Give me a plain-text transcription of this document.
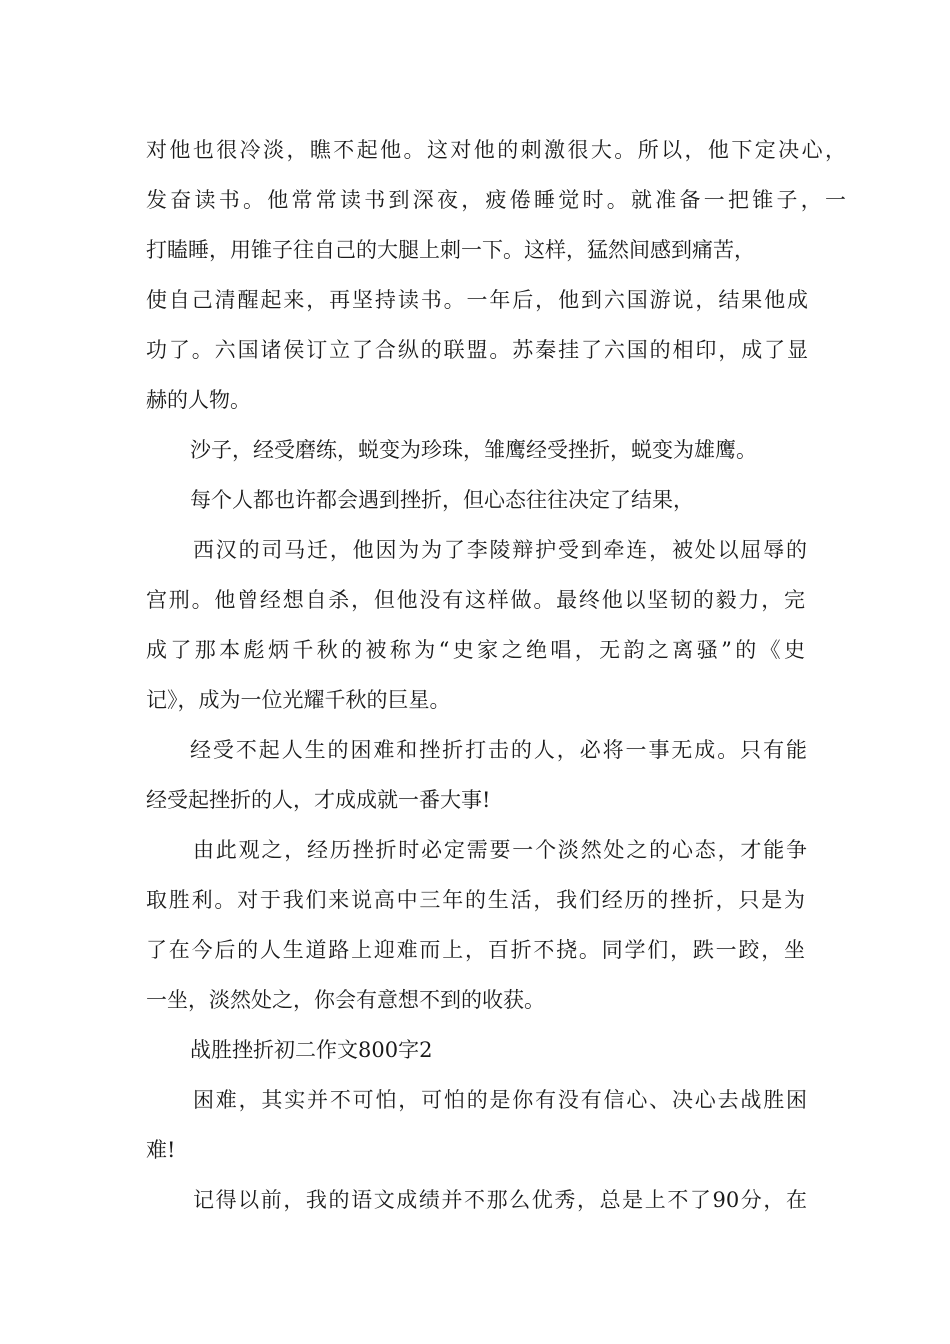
对他也很冷淡，瞧不起他。这对他的刺激很大。所以，他下定决心，

发奋读书。他常常读书到深夜，疲倦睡觉时。就准备一把锥子，一

打瞌睡，用锥子往自己的大腿上刺一下。这样，猛然间感到痛苦，

使自己清醒起来，再坚持读书。一年后，他到六国游说，结果他成

功了。六国诸侯订立了合纵的联盟。苏秦挂了六国的相印，成了显

赫的人物。

沙子，经受磨练，蜕变为珍珠，雏鹰经受挫折，蜕变为雄鹰。

每个人都也许都会遇到挫折，但心态往往决定了结果，

西汉的司马迁，他因为为了李陵辩护受到牵连，被处以屈辱的

宫刑。他曾经想自杀，但他没有这样做。最终他以坚韧的毅力，完

成了那本彪炳千秋的被称为“史家之绝唱，无韵之离骚”的《史

记》，成为一位光耀千秋的巨星。

经受不起人生的困难和挫折打击的人，必将一事无成。只有能

经受起挫折的人，才成成就一番大事!

由此观之，经历挫折时必定需要一个淡然处之的心态，才能争

取胜利。对于我们来说高中三年的生活，我们经历的挫折，只是为

了在今后的人生道路上迎难而上，百折不挠。同学们，跌一跤，坐

一坐，淡然处之，你会有意想不到的收获。

战胜挫折初二作文800字2

困难，其实并不可怕，可怕的是你有没有信心、决心去战胜困

难!

记得以前，我的语文成绩并不那么优秀，总是上不了90分，在
